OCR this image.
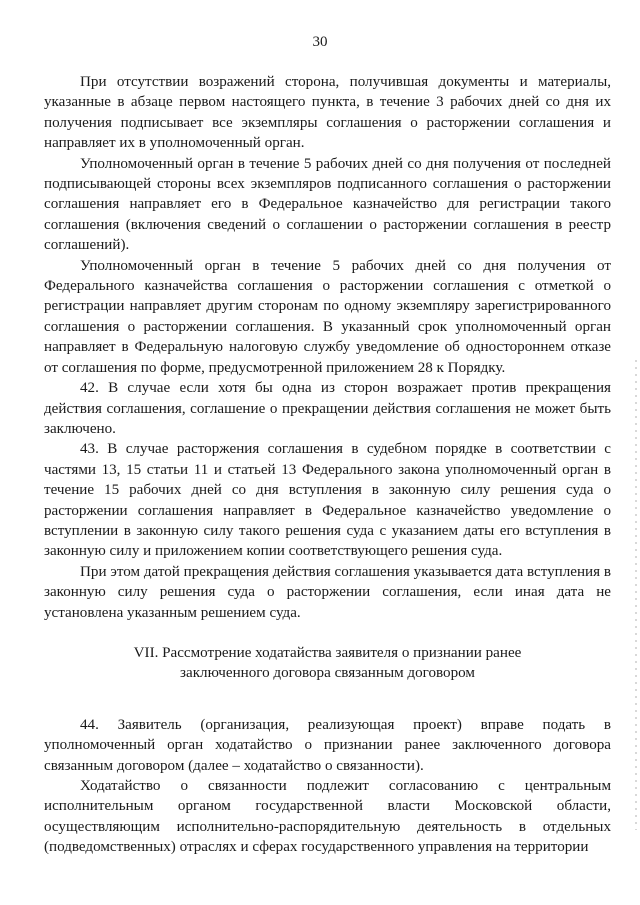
30

При отсутствии возражений сторона, получившая документы и материалы, указанные в абзаце первом настоящего пункта, в течение 3 рабочих дней со дня их получения подписывает все экземпляры соглашения о расторжении соглашения и направляет их в уполномоченный орган.

Уполномоченный орган в течение 5 рабочих дней со дня получения от последней подписывающей стороны всех экземпляров подписанного соглашения о расторжении соглашения направляет его в Федеральное казначейство для регистрации такого соглашения (включения сведений о соглашении о расторжении соглашения в реестр соглашений).

Уполномоченный орган в течение 5 рабочих дней со дня получения от Федерального казначейства соглашения о расторжении соглашения с отметкой о регистрации направляет другим сторонам по одному экземпляру зарегистрированного соглашения о расторжении соглашения. В указанный срок уполномоченный орган направляет в Федеральную налоговую службу уведомление об одностороннем отказе от соглашения по форме, предусмотренной приложением 28 к Порядку.

42. В случае если хотя бы одна из сторон возражает против прекращения действия соглашения, соглашение о прекращении действия соглашения не может быть заключено.

43. В случае расторжения соглашения в судебном порядке в соответствии с частями 13, 15 статьи 11 и статьей 13 Федерального закона уполномоченный орган в течение 15 рабочих дней со дня вступления в законную силу решения суда о расторжении соглашения направляет в Федеральное казначейство уведомление о вступлении в законную силу такого решения суда с указанием даты его вступления в законную силу и приложением копии соответствующего решения суда.

При этом датой прекращения действия соглашения указывается дата вступления в законную силу решения суда о расторжении соглашения, если иная дата не установлена указанным решением суда.

VII. Рассмотрение ходатайства заявителя о признании ранее
заключенного договора связанным договором

44. Заявитель (организация, реализующая проект) вправе подать в уполномоченный орган ходатайство о признании ранее заключенного договора связанным договором (далее – ходатайство о связанности).

Ходатайство о связанности подлежит согласованию с центральным исполнительным органом государственной власти Московской области, осуществляющим исполнительно-распорядительную деятельность в отдельных (подведомственных) отраслях и сферах государственного управления на территории
